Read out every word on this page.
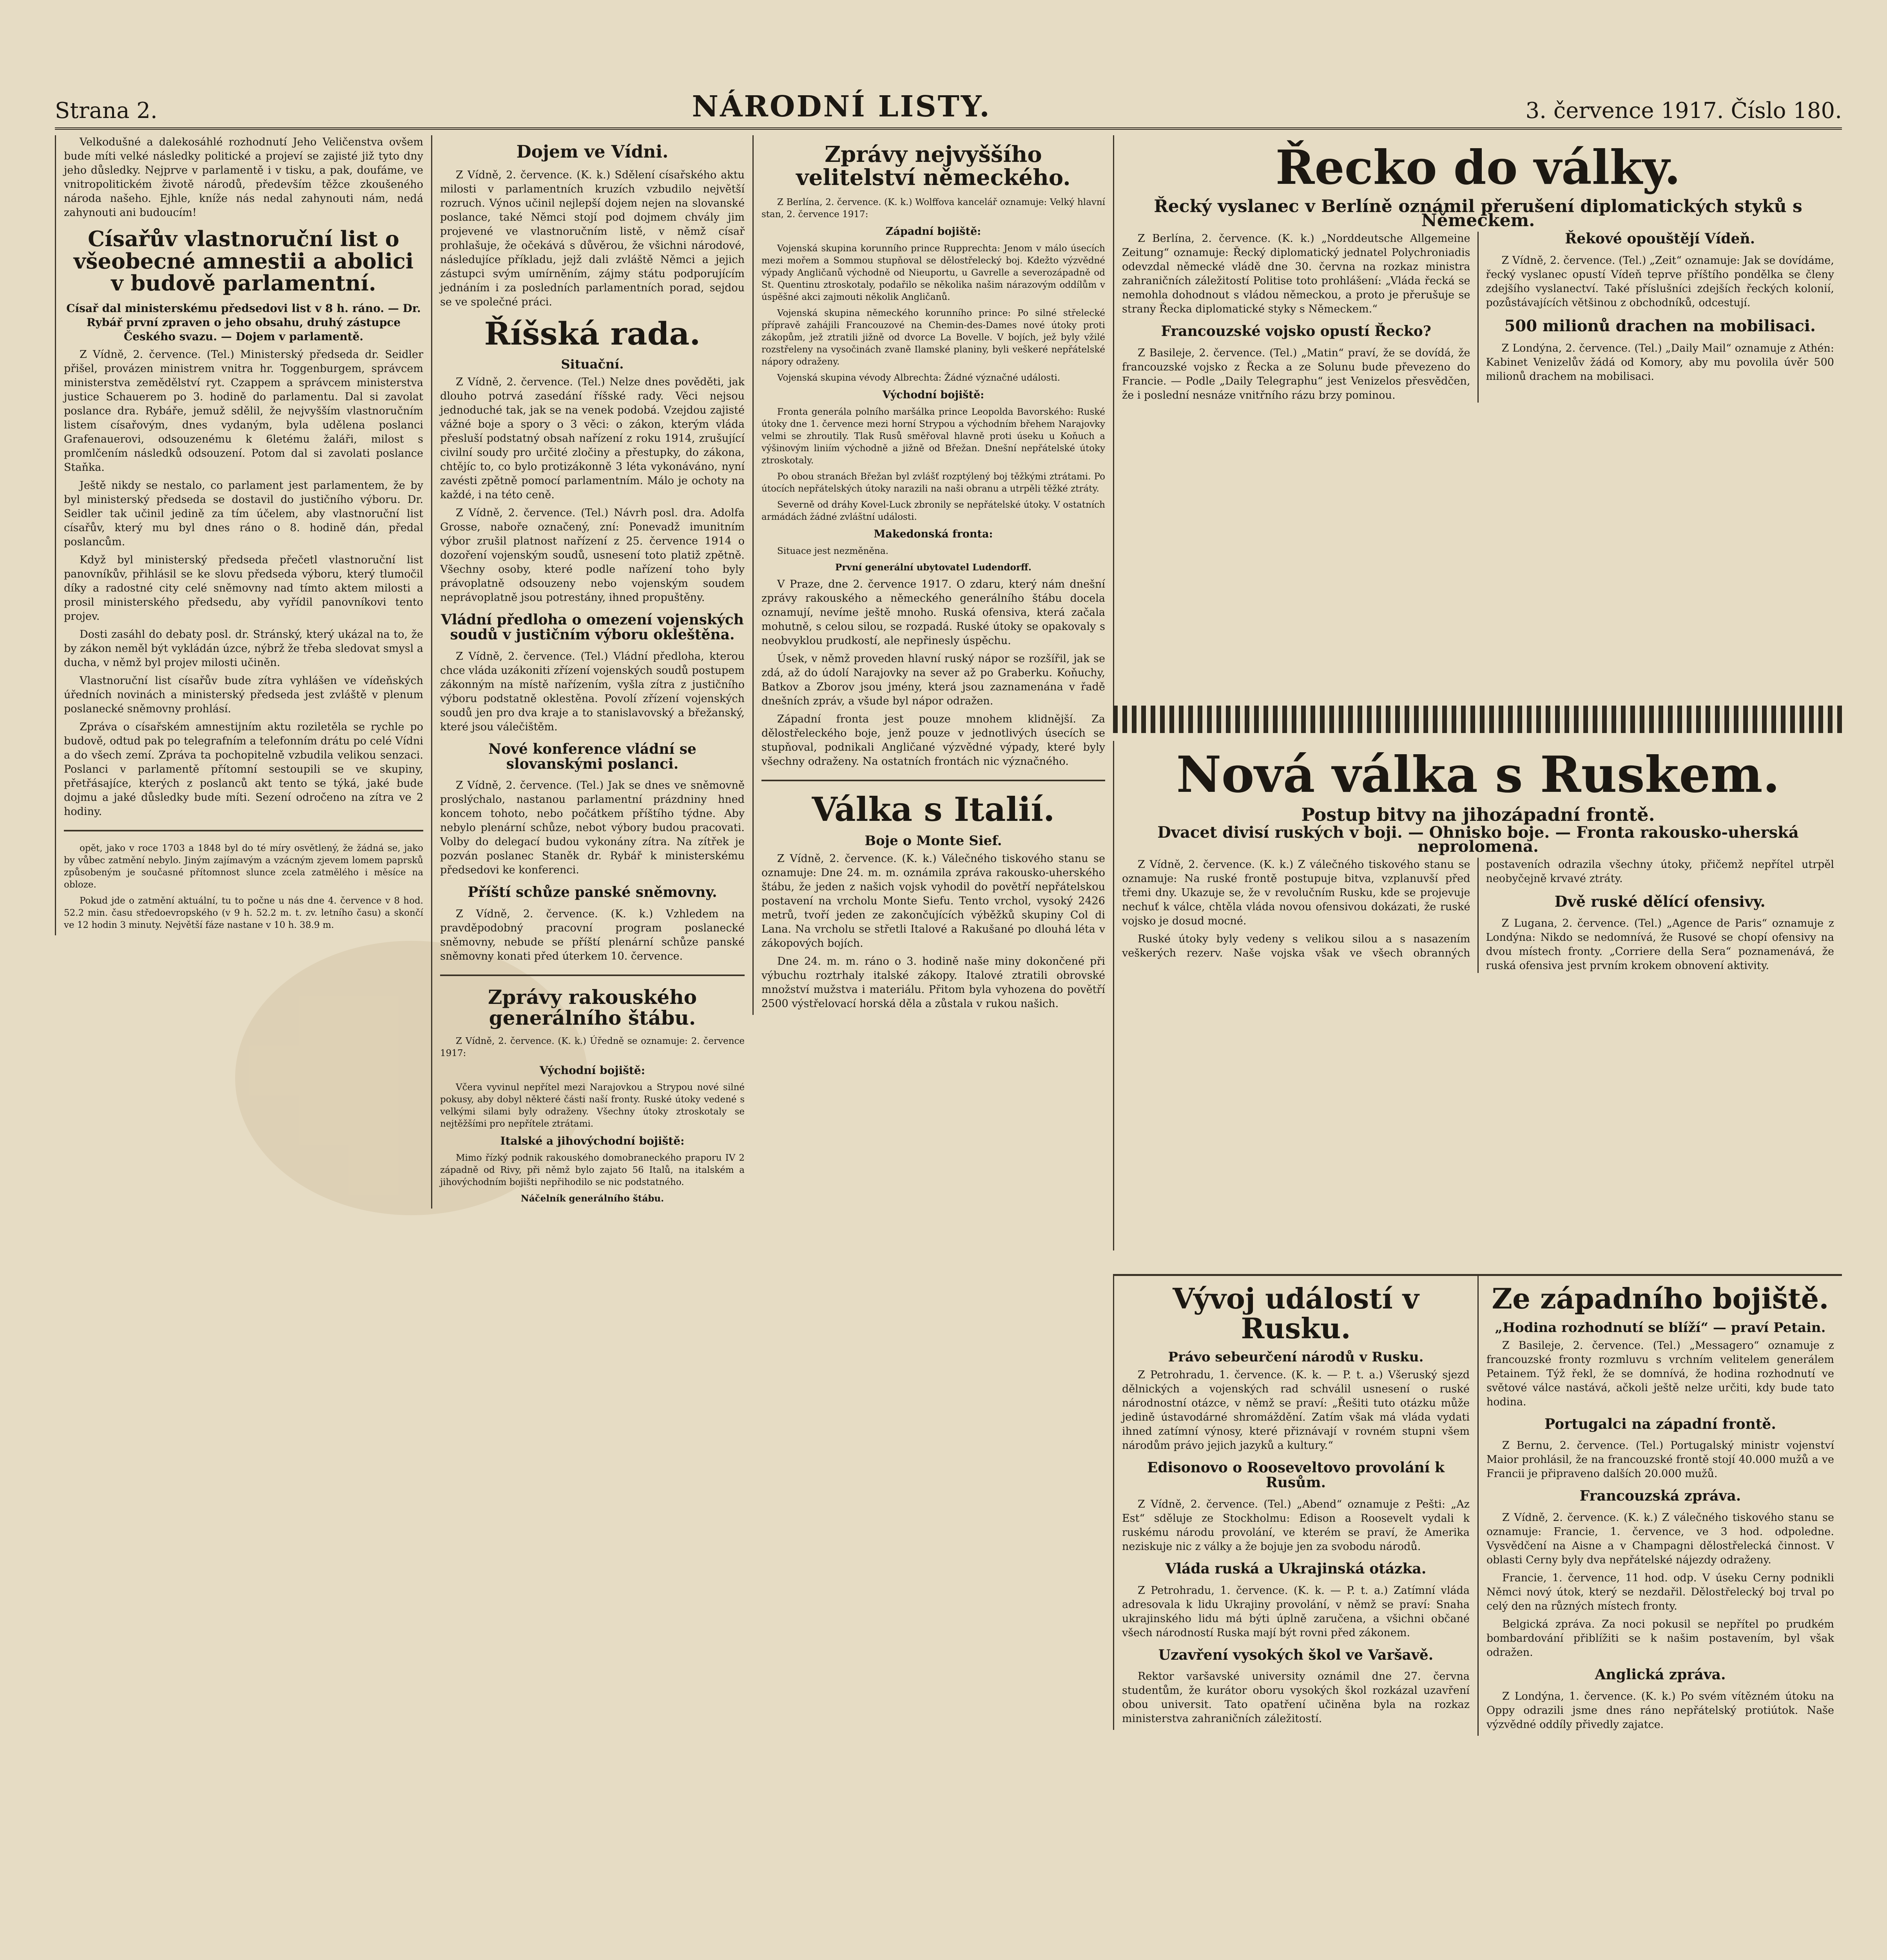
Strana 2.	NÁRODNÍ LISTY.	3. července 1917. Číslo 180.

Velkodušné a dalekosáhlé rozhodnutí Jeho Veličenstva ovšem bude míti velké následky politické a projeví se zajisté již tyto dny jeho důsledky. Nejprve v parlamentě i v tisku, a pak, doufáme, ve vnitropolitickém životě národů, především těžce zkoušeného národa našeho. Ejhle, kníže nás nedal zahynouti nám, nedá zahynouti ani budoucím!

Císařův vlastnoruční list o všeobecné amnestii a abolici v budově parlamentní.
Císař dal ministerskému předsedovi list v 8 h. ráno. — Dr. Rybář první zpraven o jeho obsahu, druhý zástupce Českého svazu. — Dojem v parlamentě.

Z Vídně, 2. července. (Tel.) Ministerský předseda dr. Seidler přišel, provázen ministrem vnitra hr. Toggenburgem, správcem ministerstva zemědělství ryt. Czappem a správcem ministerstva justice Schauerem po 3. hodině do parlamentu. Dal si zavolat poslance dra. Rybáře, jemuž sdělil, že nejvyšším vlastnoručním listem císařovým, dnes vydaným, byla udělena poslanci Grafenauerovi, odsouzenému k 6letému žaláři, milost s promlčením následků odsouzení. Potom dal si zavolati poslance Staňka.

Ještě nikdy se nestalo, co parlament jest parlamentem, že by byl ministerský předseda se dostavil do justičního výboru. Dr. Seidler tak učinil jedině za tím účelem, aby vlastnoruční list císařův, který mu byl dnes ráno o 8. hodině dán, předal poslancům.

Když byl ministerský předseda přečetl vlastnoruční list panovníkův, přihlásil se ke slovu předseda výboru, který tlumočil díky a radostné city celé sněmovny nad tímto aktem milosti a prosil ministerského předsedu, aby vyřídil panovníkovi tento projev.

Dosti zasáhl do debaty posl. dr. Stránský, který ukázal na to, že by zákon neměl být vykládán úzce, nýbrž že třeba sledovat smysl a ducha, v němž byl projev milosti učiněn.

Vlastnoruční list císařův bude zítra vyhlášen ve vídeňských úředních novinách a ministerský předseda jest zvláště v plenum poslanecké sněmovny prohlásí.

Zpráva o císařském amnestijním aktu roziletěla se rychle po budově, odtud pak po telegrafním a telefonním drátu po celé Vídni a do všech zemí. Zpráva ta pochopitelně vzbudila velikou senzaci. Poslanci v parlamentě přítomní sestoupili se ve skupiny, přetřásajíce, kterých z poslanců akt tento se týká, jaké bude dojmu a jaké důsledky bude míti. Sezení odročeno na zítra ve 2 hodiny.

opět, jako v roce 1703 a 1848 byl do té míry osvětlený, že žádná se, jako by vůbec zatmění nebylo. Jiným zajímavým a vzácným zjevem lomem paprsků způsobeným je současné přítomnost slunce zcela zatmělého i měsíce na obloze.

Pokud jde o zatmění aktuální, tu to počne u nás dne 4. července v 8 hod. 52.2 min. času středoevropského (v 9 h. 52.2 m. t. zv. letního času) a skončí ve 12 hodin 3 minuty. Největší fáze nastane v 10 h. 38.9 m.

Dojem ve Vídni.

Z Vídně, 2. července. (K. k.) Sdělení císařského aktu milosti v parlamentních kruzích vzbudilo největší rozruch. Výnos učinil nejlepší dojem nejen na slovanské poslance, také Němci stojí pod dojmem chvály jim projevené ve vlastnoručním listě, v němž císař prohlašuje, že očekává s důvěrou, že všichni národové, následujíce příkladu, jejž dali zvláště Němci a jejich zástupci svým umírněním, zájmy státu podporujícím jednáním i za posledních parlamentních porad, sejdou se ve společné práci.

Říšská rada.
Situační.

Z Vídně, 2. července. (Tel.) Nelze dnes pověděti, jak dlouho potrvá zasedání říšské rady. Věci nejsou jednoduché tak, jak se na venek podobá. Vzejdou zajisté vážné boje a spory o 3 věci: o zákon, kterým vláda přesluší podstatný obsah nařízení z roku 1914, zrušující civilní soudy pro určité zločiny a přestupky, do zákona, chtějíc to, co bylo protizákonně 3 léta vykonáváno, nyní zavésti zpětně pomocí parlamentním. Málo je ochoty na každé, i na této ceně.

Z Vídně, 2. července. (Tel.) Návrh posl. dra. Adolfa Grosse, naboře označený, zní: Ponevadž imunitním výbor zrušil platnost nařízení z 25. července 1914 o dozoření vojenským soudů, usnesení toto platiž zpětně. Všechny osoby, které podle nařízení toho byly právoplatně odsouzeny nebo vojenským soudem neprávoplatně jsou potrestány, ihned propuštěny.

Vládní předloha o omezení vojenských soudů v justičním výboru okleštěna.

Z Vídně, 2. července. (Tel.) Vládní předloha, kterou chce vláda uzákoniti zřízení vojenských soudů postupem zákonným na místě nařízením, vyšla zítra z justičního výboru podstatně oklestěna. Povolí zřízení vojenských soudů jen pro dva kraje a to stanislavovský a břežanský, které jsou válečištěm.

Nové konference vládní se slovanskými poslanci.

Z Vídně, 2. července. (Tel.) Jak se dnes ve sněmovně proslýchalo, nastanou parlamentní prázdniny hned koncem tohoto, nebo počátkem příštího týdne. Aby nebylo plenární schůze, nebot výbory budou pracovati. Volby do delegací budou vykonány zítra. Na zítřek je pozván poslanec Staněk dr. Rybář k ministerskému předsedovi ke konferenci.

Příští schůze panské sněmovny.

Z Vídně, 2. července. (K. k.) Vzhledem na pravděpodobný pracovní program poslanecké sněmovny, nebude se příští plenární schůze panské sněmovny konati před úterkem 10. července.

Zprávy rakouského generálního štábu.

Z Vídně, 2. července. (K. k.) Úředně se oznamuje: 2. července 1917:

Východní bojiště:

Včera vyvinul nepřítel mezi Narajovkou a Strypou nové silné pokusy, aby dobyl některé části naší fronty. Ruské útoky vedené s velkými silami byly odraženy. Všechny útoky ztroskotaly se nejtěžšími pro nepřítele ztrátami.

Italské a jihovýchodní bojiště:

Mimo řízký podnik rakouského domobraneckého praporu IV 2 západně od Rivy, při němž bylo zajato 56 Italů, na italském a jihovýchodním bojišti nepřihodilo se nic podstatného.

Náčelník generálního štábu.
Zprávy nejvyššího velitelství německého.

Z Berlína, 2. července. (K. k.) Wolffova kancelář oznamuje: Velký hlavní stan, 2. července 1917:

Západní bojiště:

Vojenská skupina korunního prince Rupprechta: Jenom v málo úsecích mezi mořem a Sommou stupňoval se dělostřelecký boj. Kdežto výzvědné výpady Angličanů východně od Nieuportu, u Gavrelle a severozápadně od St. Quentinu ztroskotaly, podařilo se několika našim nárazovým oddílům v úspěšné akci zajmouti několik Angličanů.

Vojenská skupina německého korunního prince: Po silné střelecké přípravě zahájili Francouzové na Chemin-des-Dames nové útoky proti zákopům, jež ztratili jižně od dvorce La Bovelle. V bojích, jež byly vžilé rozstřeleny na vysočinách zvaně Ilamské planiny, byli veškeré nepřátelské nápory odraženy.

Vojenská skupina vévody Albrechta: Žádné význačné události.

Východní bojiště:

Fronta generála polního maršálka prince Leopolda Bavorského: Ruské útoky dne 1. července mezi horní Strypou a východním břehem Narajovky velmi se zhroutily. Tlak Rusů směřoval hlavně proti úseku u Koňuch a výšinovým liniím východně a jižně od Břežan. Dnešní nepřátelské útoky ztroskotaly.

Po obou stranách Břežan byl zvlášť rozptýlený boj těžkými ztrátami. Po útocích nepřátelských útoky narazili na naši obranu a utrpěli těžké ztráty.

Severně od dráhy Kovel-Luck zbronily se nepřátelské útoky. V ostatních armádách žádné zvláštní události.

Makedonská fronta:

Situace jest nezměněna.

První generální ubytovatel Ludendorff.

V Praze, dne 2. července 1917. O zdaru, který nám dnešní zprávy rakouského a německého generálního štábu docela oznamují, nevíme ještě mnoho. Ruská ofensiva, která začala mohutně, s celou silou, se rozpadá. Ruské útoky se opakovaly s neobvyklou prudkostí, ale nepřinesly úspěchu.

Úsek, v němž proveden hlavní ruský nápor se rozšířil, jak se zdá, až do údolí Narajovky na sever až po Graberku. Koňuchy, Batkov a Zborov jsou jmény, která jsou zaznamenána v řadě dnešních zpráv, a všude byl nápor odražen.

Západní fronta jest pouze mnohem klidnější. Za dělostřeleckého boje, jenž pouze v jednotlivých úsecích se stupňoval, podnikali Angličané výzvědné výpady, které byly všechny odraženy. Na ostatních frontách nic význačného.

Válka s Italií.
Boje o Monte Sief.

Z Vídně, 2. července. (K. k.) Válečného tiskového stanu se oznamuje: Dne 24. m. m. oznámila zpráva rakousko-uherského štábu, že jeden z našich vojsk vyhodil do povětří nepřátelskou postavení na vrcholu Monte Siefu. Tento vrchol, vysoký 2426 metrů, tvoří jeden ze zakončujících výběžků skupiny Col di Lana. Na vrcholu se střetli Italové a Rakušané po dlouhá léta v zákopových bojích.

Dne 24. m. m. ráno o 3. hodině naše miny dokončené při výbuchu roztrhaly italské zákopy. Italové ztratili obrovské množství mužstva i materiálu. Přitom byla vyhozena do povětří 2500 výstřelovací horská děla a zůstala v rukou našich.

Řecko do války.
Řecký vyslanec v Berlíně oznámil přerušení diplomatických styků s Německem.

Z Berlína, 2. července. (K. k.) „Norddeutsche Allgemeine Zeitung“ oznamuje: Řecký diplomatický jednatel Polychroniadis odevzdal německé vládě dne 30. června na rozkaz ministra zahraničních záležitostí Politise toto prohlášení: „Vláda řecká se nemohla dohodnout s vládou německou, a proto je přerušuje se strany Řecka diplomatické styky s Německem.“

Francouzské vojsko opustí Řecko?

Z Basileje, 2. července. (Tel.) „Matin“ praví, že se dovídá, že francouzské vojsko z Řecka a ze Solunu bude převezeno do Francie. — Podle „Daily Telegraphu“ jest Venizelos přesvědčen, že i poslední nesnáze vnitřního rázu brzy pominou.

Řekové opouštějí Vídeň.

Z Vídně, 2. července. (Tel.) „Zeit“ oznamuje: Jak se dovídáme, řecký vyslanec opustí Vídeň teprve příštího pondělka se členy zdejšího vyslanectví. Také příslušníci zdejších řeckých kolonií, pozůstávajících většinou z obchodníků, odcestují.

500 milionů drachen na mobilisaci.

Z Londýna, 2. července. (Tel.) „Daily Mail“ oznamuje z Athén: Kabinet Venizelův žádá od Komory, aby mu povolila úvěr 500 milionů drachem na mobilisaci.

Nová válka s Ruskem.
Postup bitvy na jihozápadní frontě.
Dvacet divisí ruských v boji. — Ohnisko boje. — Fronta rakousko-uherská neprolomena.

Z Vídně, 2. července. (K. k.) Z válečného tiskového stanu se oznamuje: Na ruské frontě postupuje bitva, vzplanuvší před třemi dny. Ukazuje se, že v revolučním Rusku, kde se projevuje nechuť k válce, chtěla vláda novou ofensivou dokázati, že ruské vojsko je dosud mocné.

Ruské útoky byly vedeny s velikou silou a s nasazením veškerých rezerv. Naše vojska však ve všech obranných postaveních odrazila všechny útoky, přičemž nepřítel utrpěl neobyčejně krvavé ztráty.

Dvě ruské dělící ofensivy.

Z Lugana, 2. července. (Tel.) „Agence de Paris“ oznamuje z Londýna: Nikdo se nedomnívá, že Rusové se chopí ofensivy na dvou místech fronty. „Corriere della Sera“ poznamenává, že ruská ofensiva jest prvním krokem obnovení aktivity.

Vývoj událostí v Rusku.
Právo sebeurčení národů v Rusku.

Z Petrohradu, 1. července. (K. k. — P. t. a.) Všeruský sjezd dělnických a vojenských rad schválil usnesení o ruské národnostní otázce, v němž se praví: „Řešiti tuto otázku může jedině ústavodárné shromáždění. Zatím však má vláda vydati ihned zatímní výnosy, které přiznávají v rovném stupni všem národům právo jejich jazyků a kultury.“

Edisonovo o Rooseveltovo provolání k Rusům.

Z Vídně, 2. července. (Tel.) „Abend“ oznamuje z Pešti: „Az Est“ sděluje ze Stockholmu: Edison a Roosevelt vydali k ruskému národu provolání, ve kterém se praví, že Amerika neziskuje nic z války a že bojuje jen za svobodu národů.

Vláda ruská a Ukrajinská otázka.

Z Petrohradu, 1. července. (K. k. — P. t. a.) Zatímní vláda adresovala k lidu Ukrajiny provolání, v němž se praví: Snaha ukrajinského lidu má býti úplně zaručena, a všichni občané všech národností Ruska mají být rovni před zákonem.

Uzavření vysokých škol ve Varšavě.

Rektor varšavské university oznámil dne 27. června studentům, že kurátor oboru vysokých škol rozkázal uzavření obou universit. Tato opatření učiněna byla na rozkaz ministerstva zahraničních záležitostí.

Ze západního bojiště.
„Hodina rozhodnutí se blíží“ — praví Petain.

Z Basileje, 2. července. (Tel.) „Messagero“ oznamuje z francouzské fronty rozmluvu s vrchním velitelem generálem Petainem. Týž řekl, že se domnívá, že hodina rozhodnutí ve světové válce nastává, ačkoli ještě nelze určiti, kdy bude tato hodina.

Portugalci na západní frontě.

Z Bernu, 2. července. (Tel.) Portugalský ministr vojenství Maior prohlásil, že na francouzské frontě stojí 40.000 mužů a ve Francii je připraveno dalších 20.000 mužů.

Francouzská zpráva.

Z Vídně, 2. července. (K. k.) Z válečného tiskového stanu se oznamuje: Francie, 1. července, ve 3 hod. odpoledne. Vysvědčení na Aisne a v Champagni dělostřelecká činnost. V oblasti Cerny byly dva nepřátelské nájezdy odraženy.

Francie, 1. července, 11 hod. odp. V úseku Cerny podnikli Němci nový útok, který se nezdařil. Dělostřelecký boj trval po celý den na různých místech fronty.

Belgická zpráva. Za noci pokusil se nepřítel po prudkém bombardování přiblížiti se k našim postavením, byl však odražen.

Anglická zpráva.

Z Londýna, 1. července. (K. k.) Po svém vítězném útoku na Oppy odrazili jsme dnes ráno nepřátelský protiútok. Naše výzvědné oddíly přivedly zajatce.
